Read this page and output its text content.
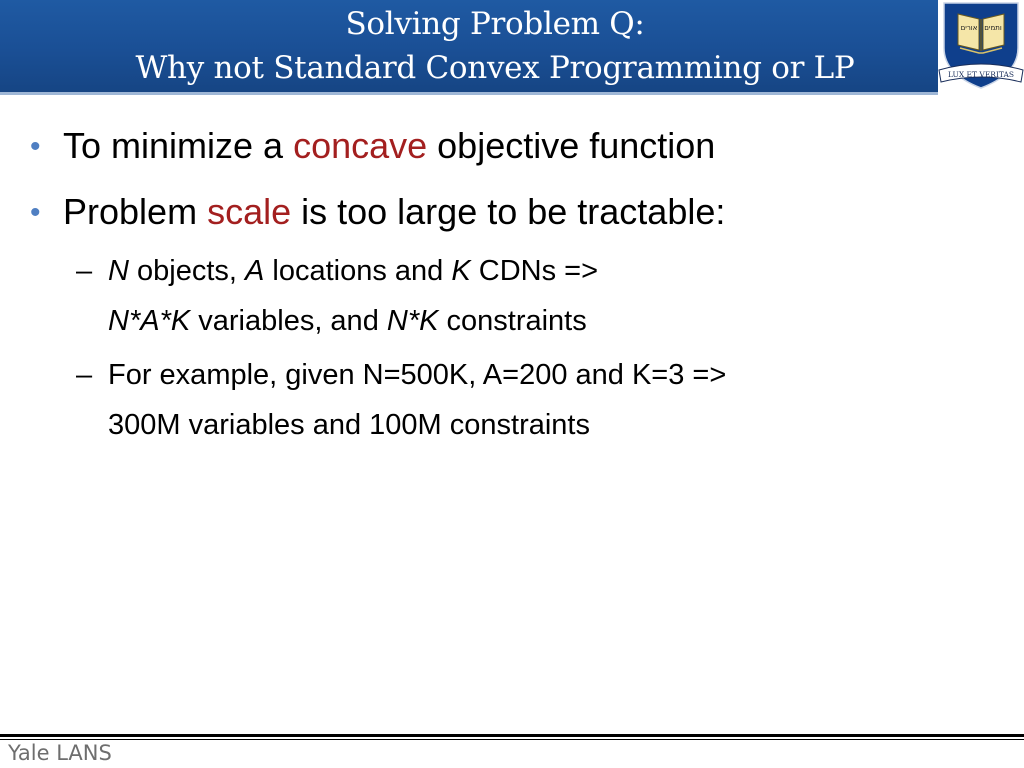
Solving Problem Q:
Why not Standard Convex Programming or LP
אורים ותמים
LUX ET VERITAS
• To minimize a concave objective function
• Problem scale is too large to be tractable:
– N objects, A locations and K CDNs =>
N*A*K variables, and N*K constraints
– For example, given N=500K, A=200 and K=3 =>
300M variables and 100M constraints
Yale LANS
